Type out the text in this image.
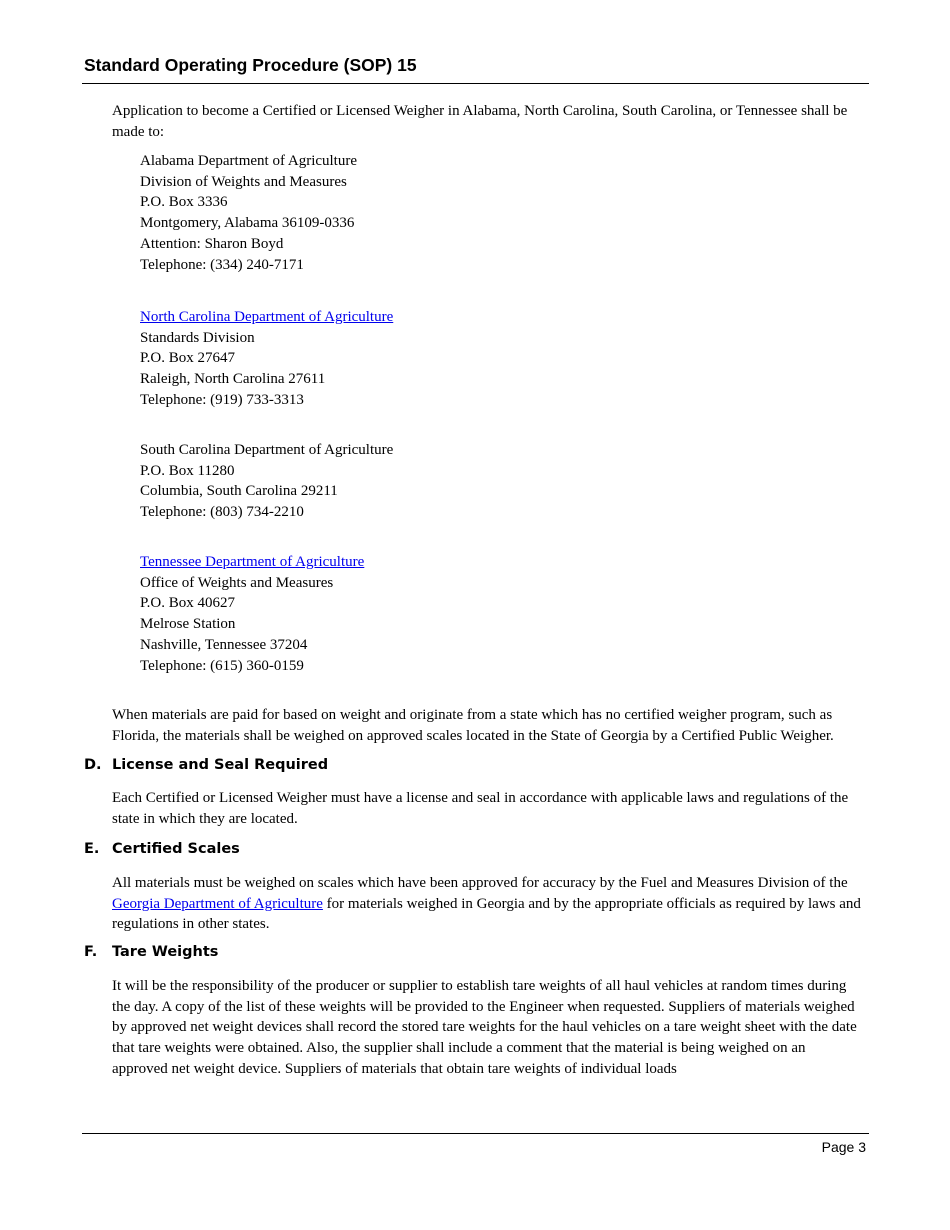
Standard Operating Procedure (SOP) 15
Application to become a Certified or Licensed Weigher in Alabama, North Carolina, South Carolina, or Tennessee shall be made to:
Alabama Department of Agriculture
Division of Weights and Measures
P.O. Box 3336
Montgomery, Alabama 36109-0336
Attention: Sharon Boyd
Telephone: (334) 240-7171
North Carolina Department of Agriculture
Standards Division
P.O. Box 27647
Raleigh, North Carolina 27611
Telephone: (919) 733-3313
South Carolina Department of Agriculture
P.O. Box 11280
Columbia, South Carolina 29211
Telephone: (803) 734-2210
Tennessee Department of Agriculture
Office of Weights and Measures
P.O. Box 40627
Melrose Station
Nashville, Tennessee 37204
Telephone: (615) 360-0159
When materials are paid for based on weight and originate from a state which has no certified weigher program, such as Florida, the materials shall be weighed on approved scales located in the State of Georgia by a Certified Public Weigher.
D. License and Seal Required
Each Certified or Licensed Weigher must have a license and seal in accordance with applicable laws and regulations of the state in which they are located.
E. Certified Scales
All materials must be weighed on scales which have been approved for accuracy by the Fuel and Measures Division of the Georgia Department of Agriculture for materials weighed in Georgia and by the appropriate officials as required by laws and regulations in other states.
F. Tare Weights
It will be the responsibility of the producer or supplier to establish tare weights of all haul vehicles at random times during the day. A copy of the list of these weights will be provided to the Engineer when requested. Suppliers of materials weighed by approved net weight devices shall record the stored tare weights for the haul vehicles on a tare weight sheet with the date that tare weights were obtained. Also, the supplier shall include a comment that the material is being weighed on an approved net weight device. Suppliers of materials that obtain tare weights of individual loads
Page 3
